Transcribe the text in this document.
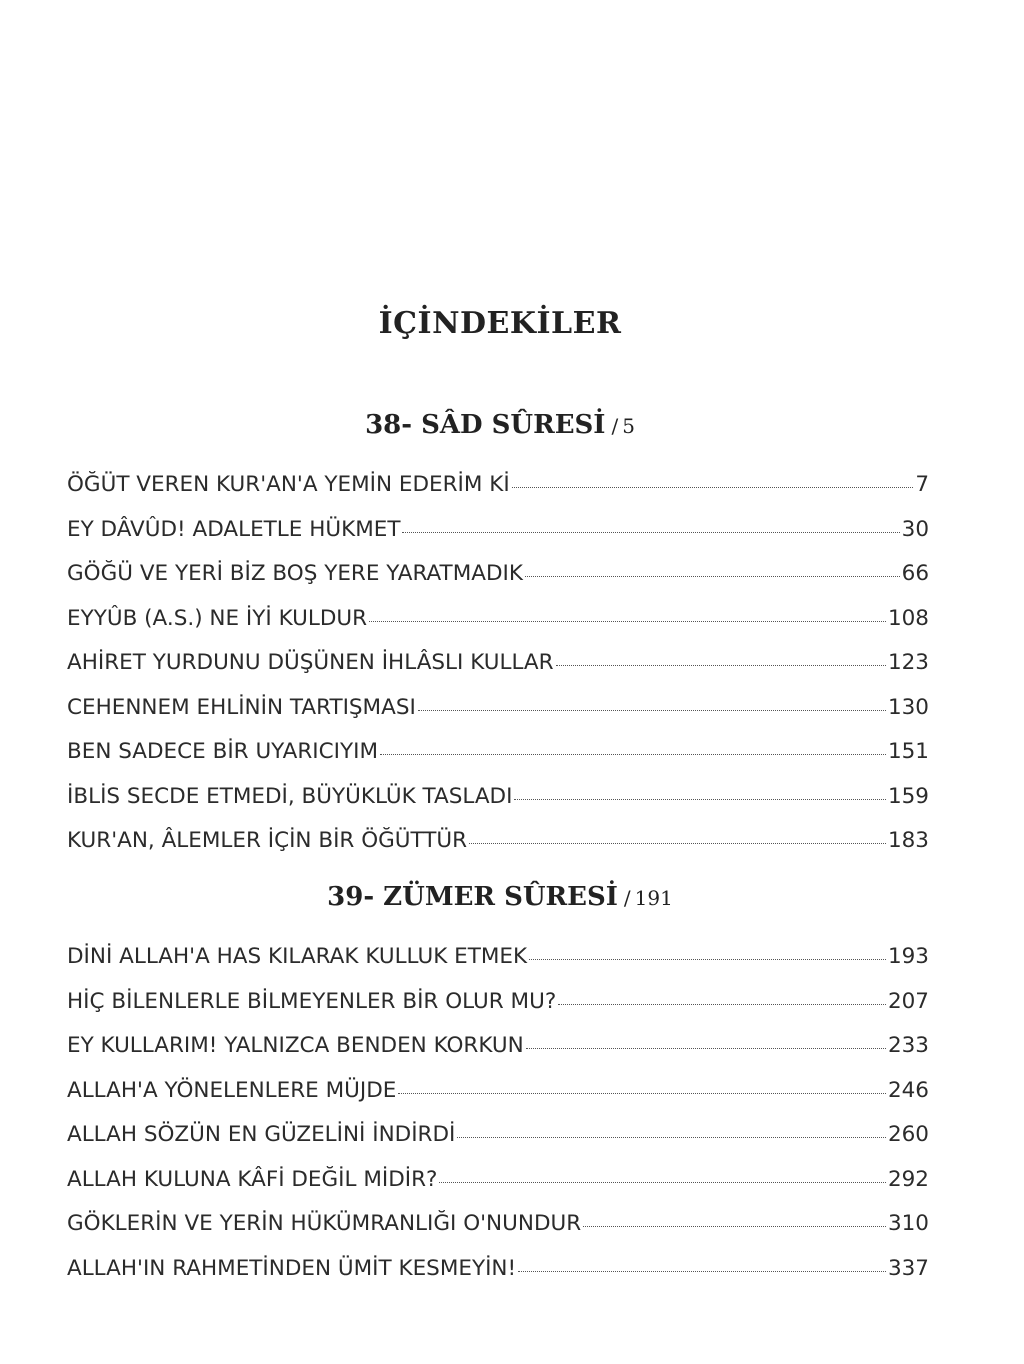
İÇİNDEKİLER
38- SÂD SÛRESİ / 5
ÖĞÜT VEREN KUR'AN'A YEMİN EDERİM Kİ	7
EY DÂVÛD! ADALETLE HÜKMET	30
GÖĞÜ VE YERİ BİZ BOŞ YERE YARATMADIK	66
EYYÛB (A.S.) NE İYİ KULDUR	108
AHİRET YURDUNU DÜŞÜNEN İHLÂSLI KULLAR	123
CEHENNEM EHLİNİN TARTIŞMASI	130
BEN SADECE BİR UYARICIYIM	151
İBLİS SECDE ETMEDİ, BÜYÜKLÜK TASLADI	159
KUR'AN, ÂLEMLER İÇİN BİR ÖĞÜTTÜR	183
39- ZÜMER SÛRESİ / 191
DİNİ ALLAH'A HAS KILARAK KULLUK ETMEK	193
HİÇ BİLENLERLE BİLMEYENLER BİR OLUR MU?	207
EY KULLARIM! YALNIZCA BENDEN KORKUN	233
ALLAH'A YÖNELENLERE MÜJDE	246
ALLAH SÖZÜN EN GÜZELİNİ İNDİRDİ	260
ALLAH KULUNA KÂFİ DEĞİL MİDİR?	292
GÖKLERİN VE YERİN HÜKÜMRANLIĞI O'NUNDUR	310
ALLAH'IN RAHMETİNDEN ÜMİT KESMEYİN!	337
